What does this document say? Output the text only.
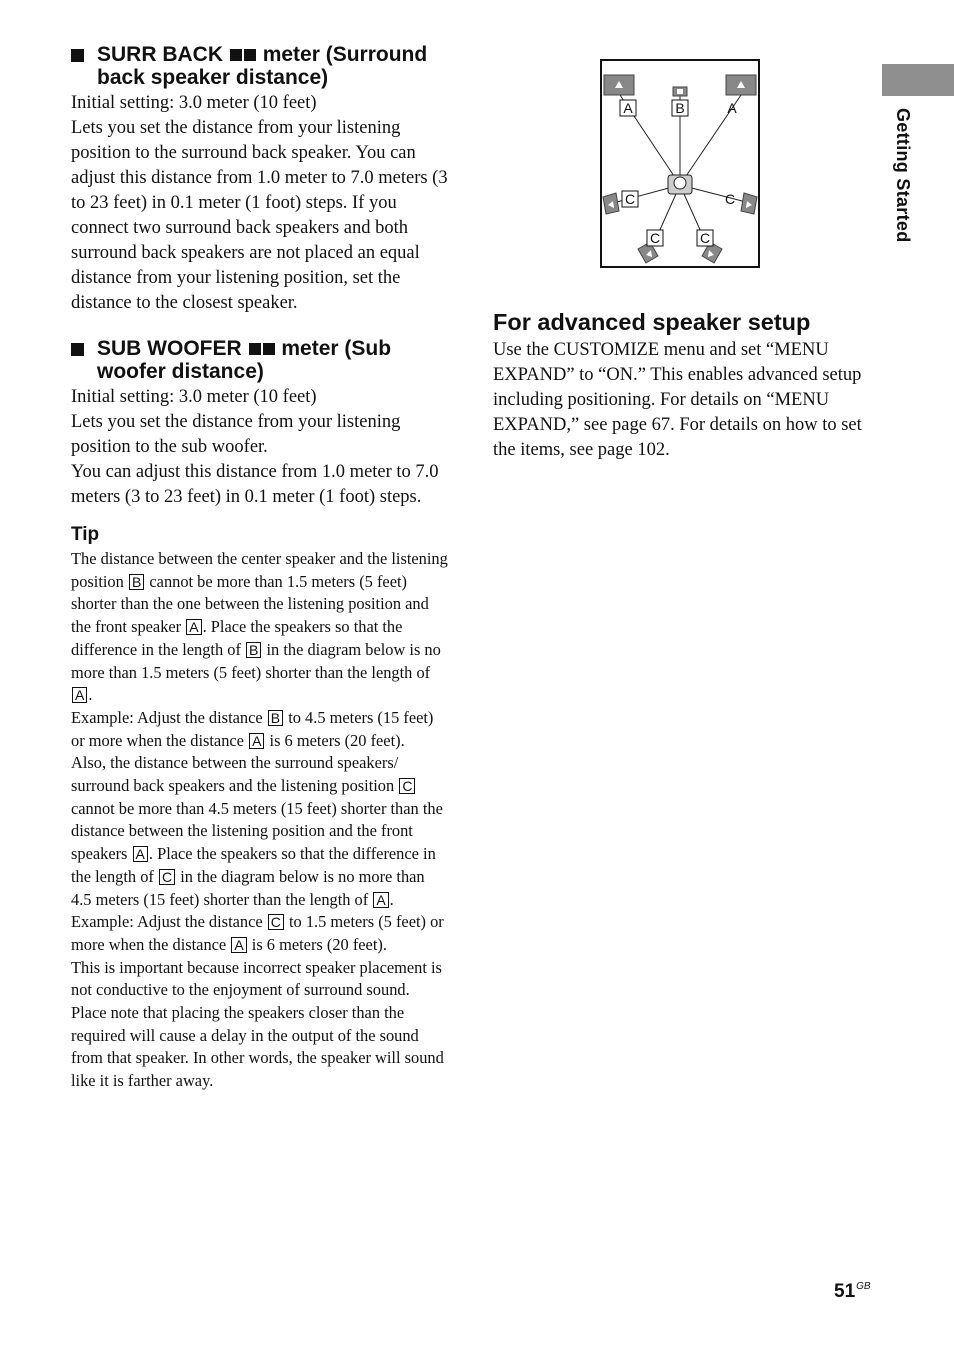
SURR BACK meter (Surround back speaker distance)

Initial setting: 3.0 meter (10 feet)

Lets you set the distance from your listening position to the surround back speaker. You can adjust this distance from 1.0 meter to 7.0 meters (3 to 23 feet) in 0.1 meter (1 foot) steps. If you connect two surround back speakers and both surround back speakers are not placed an equal distance from your listening position, set the distance to the closest speaker.

SUB WOOFER meter (Sub woofer distance)

Initial setting: 3.0 meter (10 feet)

Lets you set the distance from your listening position to the sub woofer.

You can adjust this distance from 1.0 meter to 7.0 meters (3 to 23 feet) in 0.1 meter (1 foot) steps.

Tip

The distance between the center speaker and the listening position B cannot be more than 1.5 meters (5 feet) shorter than the one between the listening position and the front speaker A . Place the speakers so that the difference in the length of B in the diagram below is no more than 1.5 meters (5 feet) shorter than the length of A .

Example: Adjust the distance B to 4.5 meters (15 feet) or more when the distance A is 6 meters (20 feet).

Also, the distance between the surround speakers/ surround back speakers and the listening position C cannot be more than 4.5 meters (15 feet) shorter than the distance between the listening position and the front speakers A . Place the speakers so that the difference in the length of C in the diagram below is no more than 4.5 meters (15 feet) shorter than the length of A .

Example: Adjust the distance C to 1.5 meters (5 feet) or more when the distance A is 6 meters (20 feet).

This is important because incorrect speaker placement is not conductive to the enjoyment of surround sound. Place note that placing the speakers closer than the required will cause a delay in the output of the sound from that speaker. In other words, the speaker will sound like it is farther away.

A	B	A
C	C
C	C
For advanced speaker setup

Use the CUSTOMIZE menu and set “MENU EXPAND” to “ON.” This enables advanced setup including positioning. For details on “MENU EXPAND,” see page 67. For details on how to set the items, see page 102.

Getting Started
$51^{GB}$
